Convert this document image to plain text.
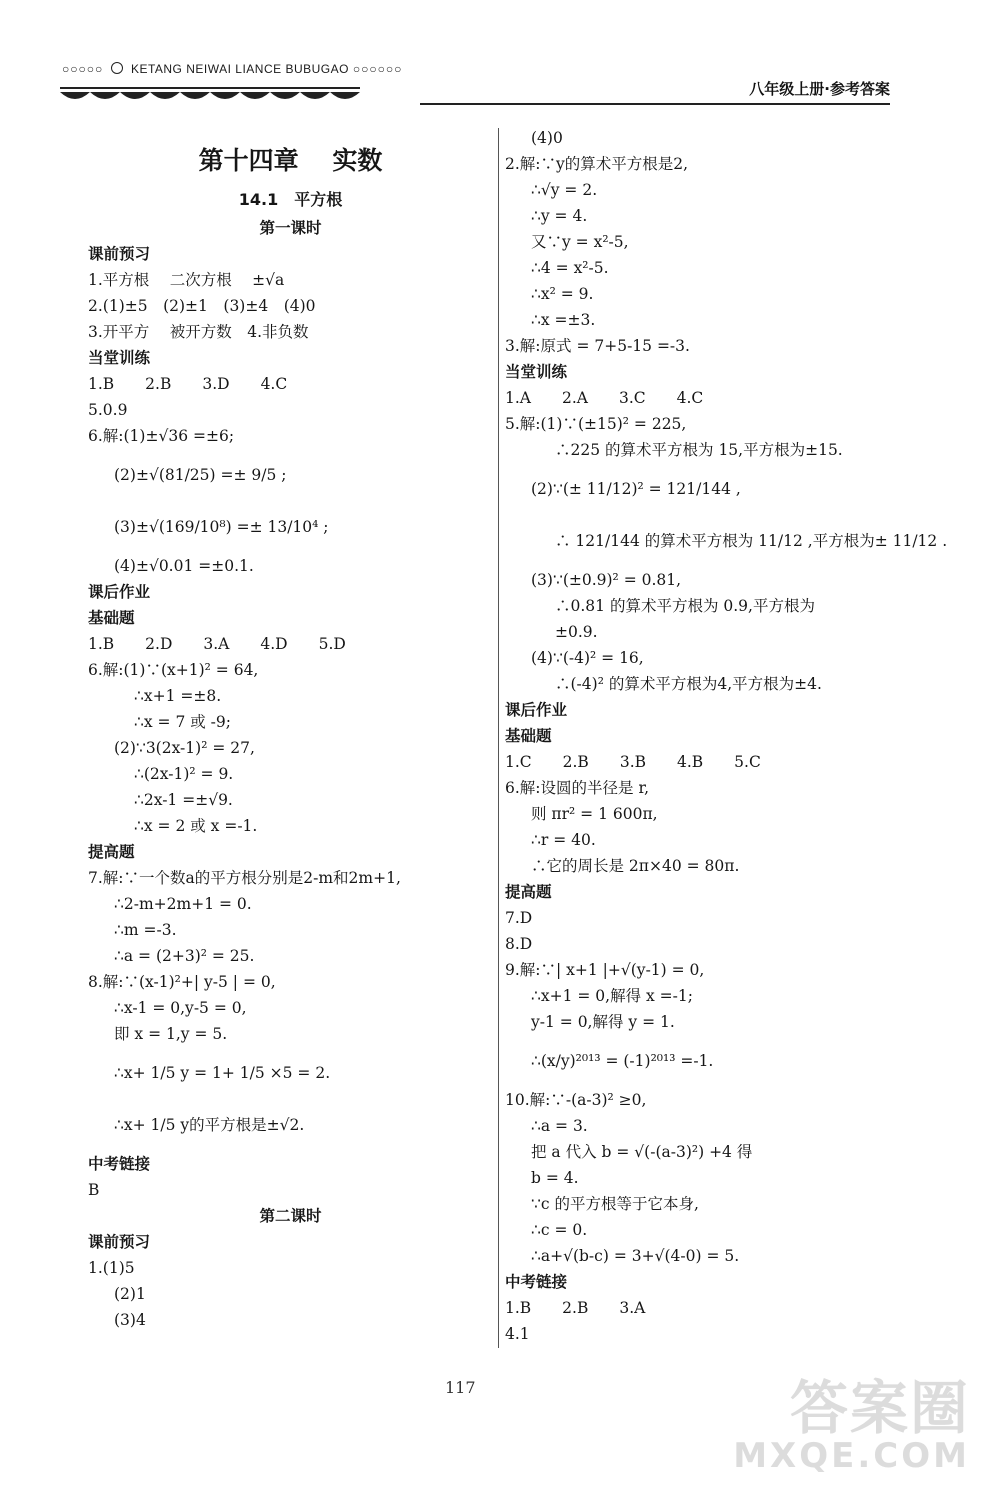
○○○○○ KETANG NEIWAI LIANCE BUBUGAO ○○○○○○
八年级上册·参考答案
第十四章　 实数
14.1　平方根
第一课时
课前预习
1.平方根　 二次方根　 ±√a
2.(1)±5　(2)±1　(3)±4　(4)0
3.开平方　 被开方数　4.非负数
当堂训练
1.B　　2.B　　3.D　　4.C
5.0.9
6.解:(1)±√36 =±6;
(2)±√(81/25) =± 9/5 ;
(3)±√(169/10⁸) =± 13/10⁴ ;
(4)±√0.01 =±0.1.
课后作业
基础题
1.B　　2.D　　3.A　　4.D　　5.D
6.解:(1)∵(x+1)² = 64,
∴x+1 =±8.
∴x = 7 或 -9;
(2)∵3(2x-1)² = 27,
∴(2x-1)² = 9.
∴2x-1 =±√9.
∴x = 2 或 x =-1.
提高题
7.解:∵一个数a的平方根分别是2-m和2m+1,
∴2-m+2m+1 = 0.
∴m =-3.
∴a = (2+3)² = 25.
8.解:∵(x-1)²+| y-5 | = 0,
∴x-1 = 0,y-5 = 0,
即 x = 1,y = 5.
∴x+ 1/5 y = 1+ 1/5 ×5 = 2.
∴x+ 1/5 y的平方根是±√2.
中考链接
B
第二课时
课前预习
1.(1)5
(2)1
(3)4
(4)0
2.解:∵y的算术平方根是2,
∴√y = 2.
∴y = 4.
又∵y = x²-5,
∴4 = x²-5.
∴x² = 9.
∴x =±3.
3.解:原式 = 7+5-15 =-3.
当堂训练
1.A　　2.A　　3.C　　4.C
5.解:(1)∵(±15)² = 225,
∴225 的算术平方根为 15,平方根为±15.
(2)∵(± 11/12)² = 121/144 ,
∴ 121/144 的算术平方根为 11/12 ,平方根为± 11/12 .
(3)∵(±0.9)² = 0.81,
∴0.81 的算术平方根为 0.9,平方根为
±0.9.
(4)∵(-4)² = 16,
∴(-4)² 的算术平方根为4,平方根为±4.
课后作业
基础题
1.C　　2.B　　3.B　　4.B　　5.C
6.解:设圆的半径是 r,
则 πr² = 1 600π,
∴r = 40.
∴它的周长是 2π×40 = 80π.
提高题
7.D
8.D
9.解:∵| x+1 |+√(y-1) = 0,
∴x+1 = 0,解得 x =-1;
y-1 = 0,解得 y = 1.
∴(x/y)²⁰¹³ = (-1)²⁰¹³ =-1.
10.解:∵-(a-3)² ≥0,
∴a = 3.
把 a 代入 b = √(-(a-3)²) +4 得
b = 4.
∵c 的平方根等于它本身,
∴c = 0.
∴a+√(b-c) = 3+√(4-0) = 5.
中考链接
1.B　　2.B　　3.A
4.1
117	答案圈
MXQE.COM
